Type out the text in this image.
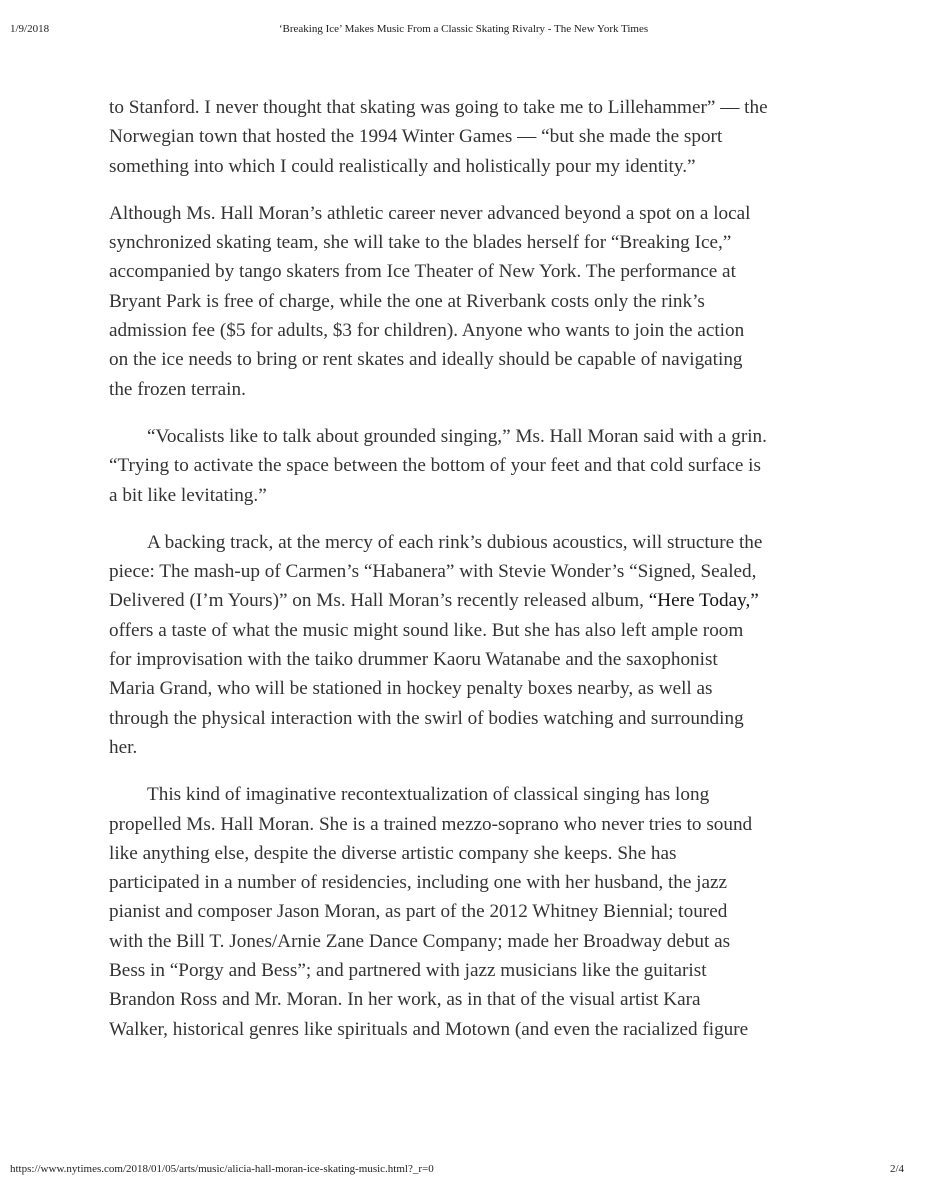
1/9/2018	‘Breaking Ice’ Makes Music From a Classic Skating Rivalry - The New York Times

to Stanford. I never thought that skating was going to take me to Lillehammer” — the
Norwegian town that hosted the 1994 Winter Games — “but she made the sport
something into which I could realistically and holistically pour my identity.”

Although Ms. Hall Moran’s athletic career never advanced beyond a spot on a local
synchronized skating team, she will take to the blades herself for “Breaking Ice,”
accompanied by tango skaters from Ice Theater of New York. The performance at
Bryant Park is free of charge, while the one at Riverbank costs only the rink’s
admission fee ($5 for adults, $3 for children). Anyone who wants to join the action
on the ice needs to bring or rent skates and ideally should be capable of navigating
the frozen terrain.

“Vocalists like to talk about grounded singing,” Ms. Hall Moran said with a grin.
“Trying to activate the space between the bottom of your feet and that cold surface is
a bit like levitating.”

A backing track, at the mercy of each rink’s dubious acoustics, will structure the
piece: The mash-up of Carmen’s “Habanera” with Stevie Wonder’s “Signed, Sealed,
Delivered (I’m Yours)” on Ms. Hall Moran’s recently released album, “Here Today,”
offers a taste of what the music might sound like. But she has also left ample room
for improvisation with the taiko drummer Kaoru Watanabe and the saxophonist
Maria Grand, who will be stationed in hockey penalty boxes nearby, as well as
through the physical interaction with the swirl of bodies watching and surrounding
her.

This kind of imaginative recontextualization of classical singing has long
propelled Ms. Hall Moran. She is a trained mezzo-soprano who never tries to sound
like anything else, despite the diverse artistic company she keeps. She has
participated in a number of residencies, including one with her husband, the jazz
pianist and composer Jason Moran, as part of the 2012 Whitney Biennial; toured
with the Bill T. Jones/Arnie Zane Dance Company; made her Broadway debut as
Bess in “Porgy and Bess”; and partnered with jazz musicians like the guitarist
Brandon Ross and Mr. Moran. In her work, as in that of the visual artist Kara
Walker, historical genres like spirituals and Motown (and even the racialized figure

https://www.nytimes.com/2018/01/05/arts/music/alicia-hall-moran-ice-skating-music.html?_r=0	2/4
